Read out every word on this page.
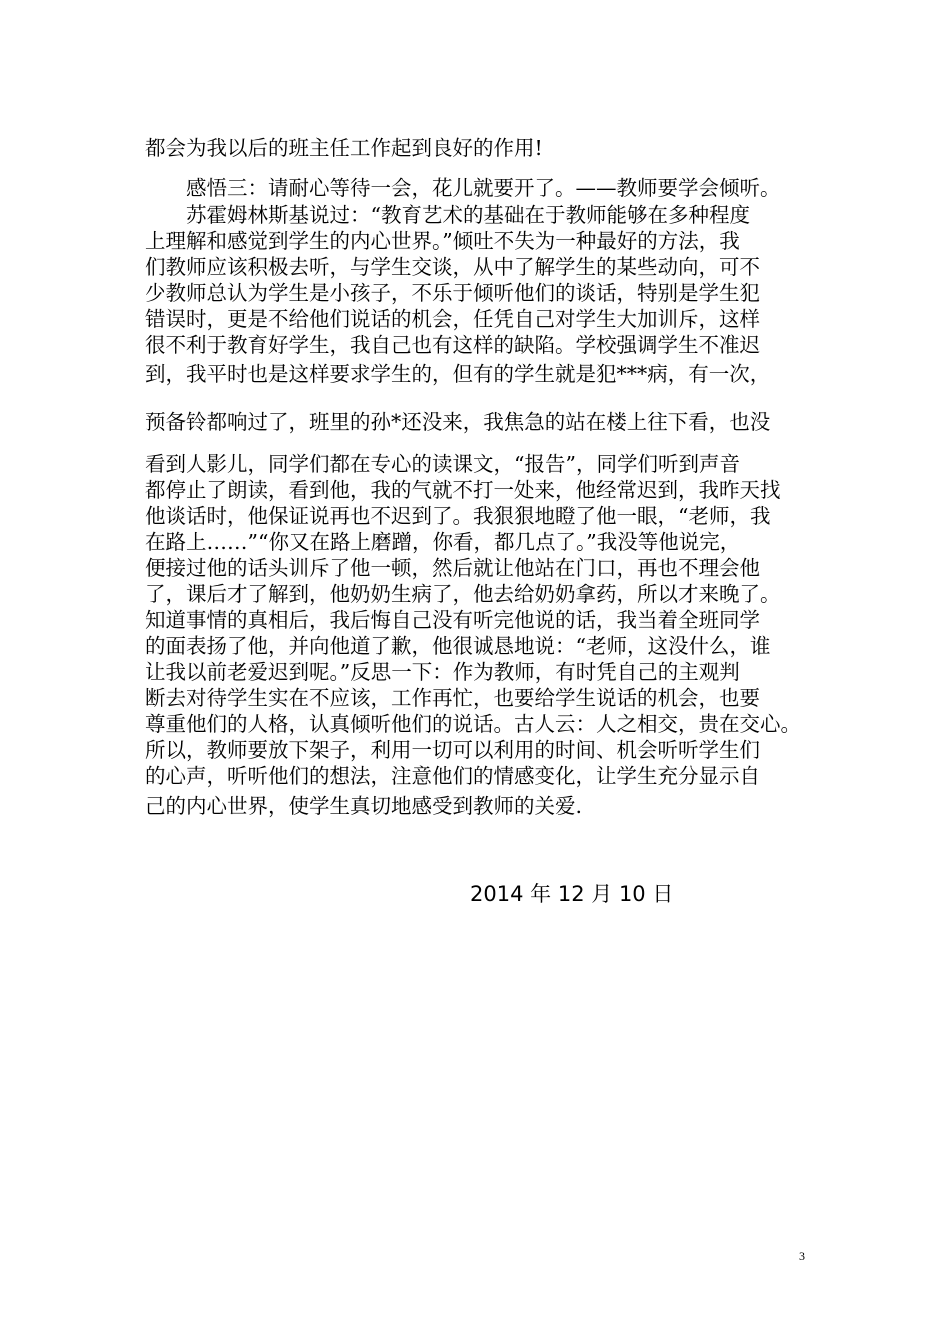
都会为我以后的班主任工作起到良好的作用!
　　感悟三：请耐心等待一会，花儿就要开了。——教师要学会倾听。
　　苏霍姆林斯基说过：“教育艺术的基础在于教师能够在多种程度
上理解和感觉到学生的内心世界。”倾吐不失为一种最好的方法，我
们教师应该积极去听，与学生交谈，从中了解学生的某些动向，可不
少教师总认为学生是小孩子，不乐于倾听他们的谈话，特别是学生犯
错误时，更是不给他们说话的机会，任凭自己对学生大加训斥，这样
很不利于教育好学生，我自己也有这样的缺陷。学校强调学生不准迟
到，我平时也是这样要求学生的，但有的学生就是犯***病，有一次，
预备铃都响过了，班里的孙*还没来，我焦急的站在楼上往下看，也没
看到人影儿，同学们都在专心的读课文，“报告”，同学们听到声音
都停止了朗读，看到他，我的气就不打一处来，他经常迟到，我昨天找
他谈话时，他保证说再也不迟到了。我狠狠地瞪了他一眼，“老师，我
在路上……”“你又在路上磨蹭，你看，都几点了。”我没等他说完，
便接过他的话头训斥了他一顿，然后就让他站在门口，再也不理会他
了，课后才了解到，他奶奶生病了，他去给奶奶拿药，所以才来晚了。
知道事情的真相后，我后悔自己没有听完他说的话，我当着全班同学
的面表扬了他，并向他道了歉，他很诚恳地说：“老师，这没什么，谁
让我以前老爱迟到呢。”反思一下：作为教师，有时凭自己的主观判
断去对待学生实在不应该，工作再忙，也要给学生说话的机会，也要
尊重他们的人格，认真倾听他们的说话。古人云：人之相交，贵在交心。
所以，教师要放下架子，利用一切可以利用的时间、机会听听学生们
的心声，听听他们的想法，注意他们的情感变化，让学生充分显示自
己的内心世界，使学生真切地感受到教师的关爱.
2014 年 12 月 10 日
3
